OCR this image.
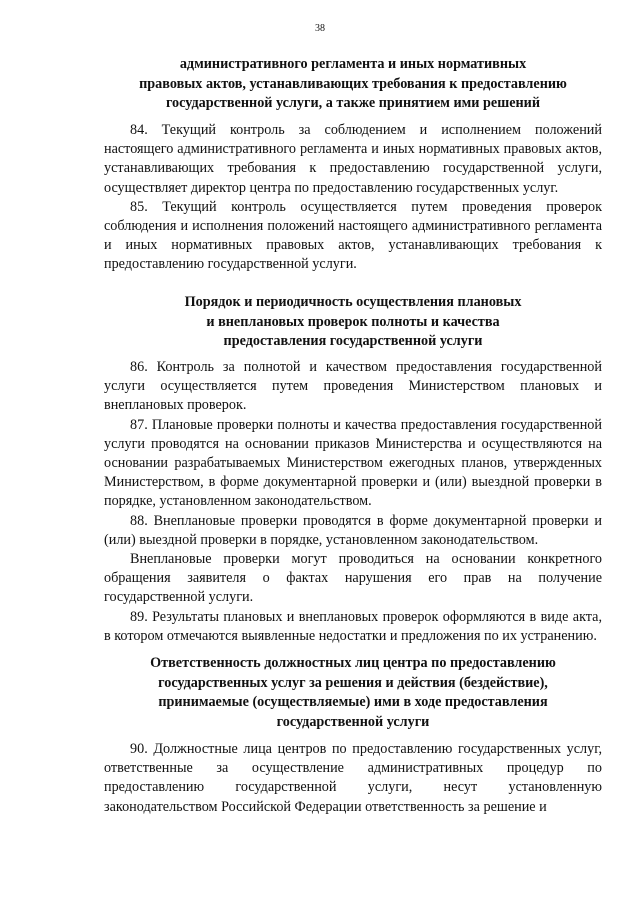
38
административного регламента и иных нормативных
правовых актов, устанавливающих требования к предоставлению
государственной услуги, а также принятием ими решений

84. Текущий контроль за соблюдением и исполнением положений настоящего административного регламента и иных нормативных правовых актов, устанавливающих требования к предоставлению государственной услуги, осуществляет директор центра по предоставлению государственных услуг.

85. Текущий контроль осуществляется путем проведения проверок соблюдения и исполнения положений настоящего административного регламента и иных нормативных правовых актов, устанавливающих требования к предоставлению государственной услуги.

Порядок и периодичность осуществления плановых
и внеплановых проверок полноты и качества
предоставления государственной услуги

86. Контроль за полнотой и качеством предоставления государственной услуги осуществляется путем проведения Министерством плановых и внеплановых проверок.

87. Плановые проверки полноты и качества предоставления государственной услуги проводятся на основании приказов Министерства и осуществляются на основании разрабатываемых Министерством ежегодных планов, утвержденных Министерством, в форме документарной проверки и (или) выездной проверки в порядке, установленном законодательством.

88. Внеплановые проверки проводятся в форме документарной проверки и (или) выездной проверки в порядке, установленном законодательством.

Внеплановые проверки могут проводиться на основании конкретного обращения заявителя о фактах нарушения его прав на получение государственной услуги.

89. Результаты плановых и внеплановых проверок оформляются в виде акта, в котором отмечаются выявленные недостатки и предложения по их устранению.

Ответственность должностных лиц центра по предоставлению
государственных услуг за решения и действия (бездействие),
принимаемые (осуществляемые) ими в ходе предоставления
государственной услуги

90. Должностные лица центров по предоставлению государственных услуг, ответственные за осуществление административных процедур по предоставлению государственной услуги, несут установленную законодательством Российской Федерации ответственность за решение и
